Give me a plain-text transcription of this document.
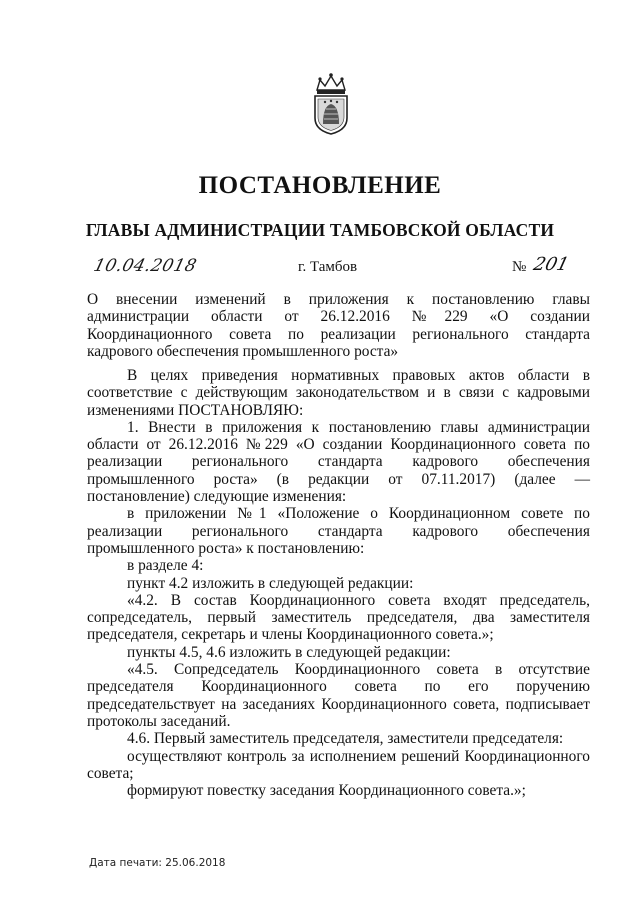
ПОСТАНОВЛЕНИЕ
ГЛАВЫ АДМИНИСТРАЦИИ ТАМБОВСКОЙ ОБЛАСТИ
10.04.2018	г. Тамбов	№ 201

О внесении изменений в приложения к постановлению главы администрации области от 26.12.2016 №229 «О создании Координационного совета по реализации регионального стандарта кадрового обеспечения промышленного роста»

В целях приведения нормативных правовых актов области в соответствие с действующим законодательством и в связи с кадровыми изменениями ПОСТАНОВЛЯЮ:

1. Внести в приложения к постановлению главы администрации области от 26.12.2016 №229 «О создании Координационного совета по реализации регионального стандарта кадрового обеспечения промышленного роста» (в редакции от 07.11.2017) (далее — постановление) следующие изменения:

в приложении №1 «Положение о Координационном совете по реализации регионального стандарта кадрового обеспечения промышленного роста» к постановлению:

в разделе 4:

пункт 4.2 изложить в следующей редакции:

«4.2. В состав Координационного совета входят председатель, сопредседатель, первый заместитель председателя, два заместителя председателя, секретарь и члены Координационного совета.»;

пункты 4.5, 4.6 изложить в следующей редакции:

«4.5. Сопредседатель Координационного совета в отсутствие председателя Координационного совета по его поручению председательствует на заседаниях Координационного совета, подписывает протоколы заседаний.

4.6. Первый заместитель председателя, заместители председателя:

осуществляют контроль за исполнением решений Координационного совета;

формируют повестку заседания Координационного совета.»;

Дата печати: 25.06.2018
